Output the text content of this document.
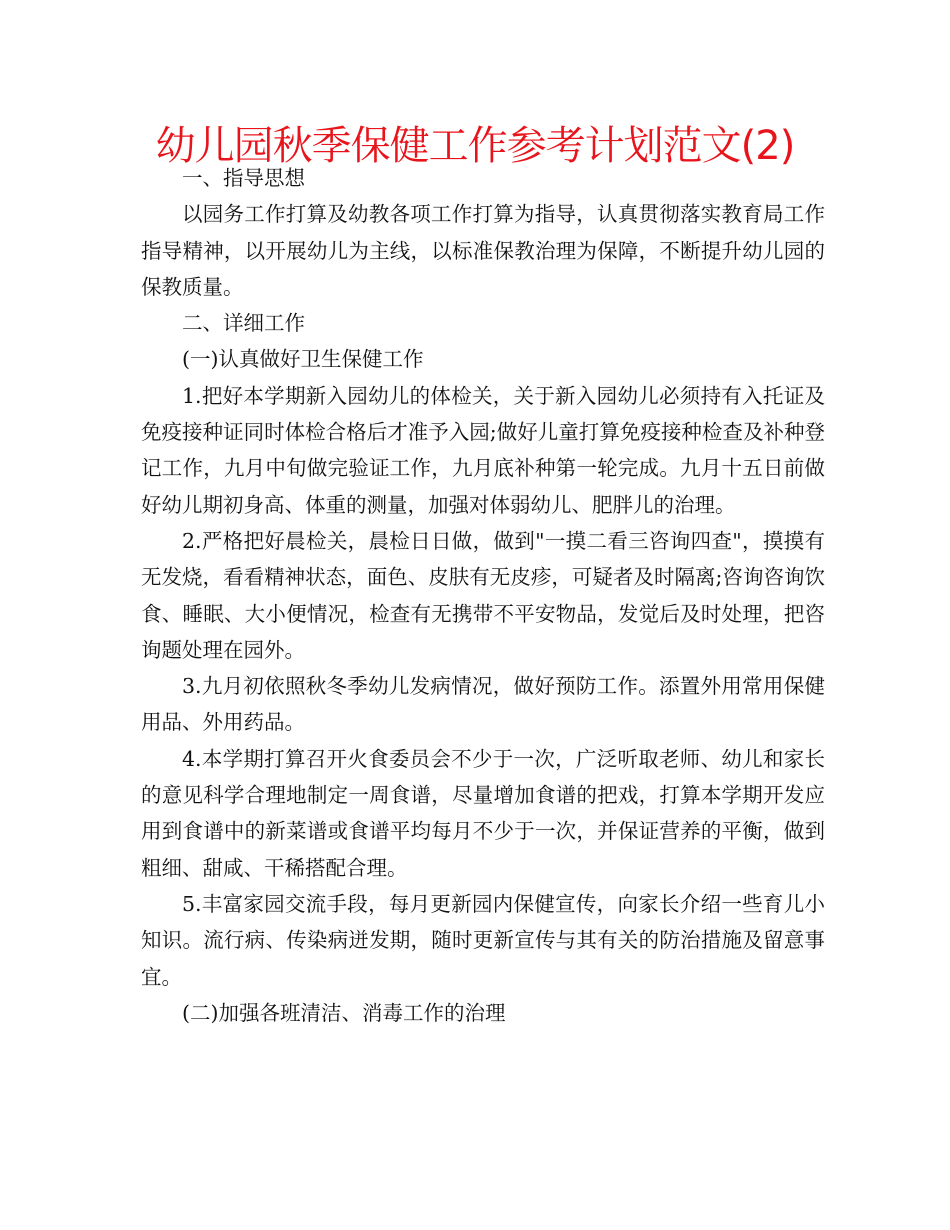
幼儿园秋季保健工作参考计划范文(2)

一、指导思想

以园务工作打算及幼教各项工作打算为指导，认真贯彻落实教育局工作指导精神，以开展幼儿为主线，以标准保教治理为保障，不断提升幼儿园的保教质量。

二、详细工作

(一)认真做好卫生保健工作

1.把好本学期新入园幼儿的体检关，关于新入园幼儿必须持有入托证及免疫接种证同时体检合格后才准予入园;做好儿童打算免疫接种检查及补种登记工作，九月中旬做完验证工作，九月底补种第一轮完成。九月十五日前做好幼儿期初身高、体重的测量，加强对体弱幼儿、肥胖儿的治理。

2.严格把好晨检关，晨检日日做，做到"一摸二看三咨询四查"，摸摸有无发烧，看看精神状态，面色、皮肤有无皮疹，可疑者及时隔离;咨询咨询饮食、睡眠、大小便情况，检查有无携带不平安物品，发觉后及时处理，把咨询题处理在园外。

3.九月初依照秋冬季幼儿发病情况，做好预防工作。添置外用常用保健用品、外用药品。

4.本学期打算召开火食委员会不少于一次，广泛听取老师、幼儿和家长的意见科学合理地制定一周食谱，尽量增加食谱的把戏，打算本学期开发应用到食谱中的新菜谱或食谱平均每月不少于一次，并保证营养的平衡，做到粗细、甜咸、干稀搭配合理。

5.丰富家园交流手段，每月更新园内保健宣传，向家长介绍一些育儿小知识。流行病、传染病迸发期，随时更新宣传与其有关的防治措施及留意事宜。

(二)加强各班清洁、消毒工作的治理
